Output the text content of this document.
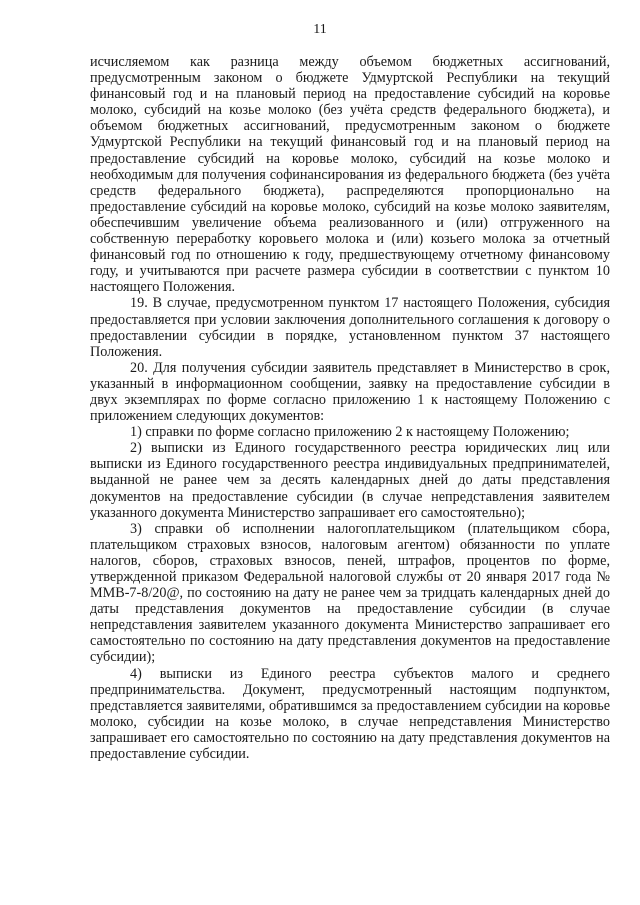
11

исчисляемом как разница между объемом бюджетных ассигнований, предусмотренным законом о бюджете Удмуртской Республики на текущий финансовый год и на плановый период на предоставление субсидий на коровье молоко, субсидий на козье молоко (без учёта средств федерального бюджета), и объемом бюджетных ассигнований, предусмотренным законом о бюджете Удмуртской Республики на текущий финансовый год и на плановый период на предоставление субсидий на коровье молоко, субсидий на козье молоко и необходимым для получения софинансирования из федерального бюджета (без учёта средств федерального бюджета), распределяются пропорционально на предоставление субсидий на коровье молоко, субсидий на козье молоко заявителям, обеспечившим увеличение объема реализованного и (или) отгруженного на собственную переработку коровьего молока и (или) козьего молока за отчетный финансовый год по отношению к году, предшествующему отчетному финансовому году, и учитываются при расчете размера субсидии в соответствии с пунктом 10 настоящего Положения.

19. В случае, предусмотренном пунктом 17 настоящего Положения, субсидия предоставляется при условии заключения дополнительного соглашения к договору о предоставлении субсидии в порядке, установленном пунктом 37 настоящего Положения.

20. Для получения субсидии заявитель представляет в Министерство в срок, указанный в информационном сообщении, заявку на предоставление субсидии в двух экземплярах по форме согласно приложению 1 к настоящему Положению с приложением следующих документов:

1) справки по форме согласно приложению 2 к настоящему Положению;

2) выписки из Единого государственного реестра юридических лиц или выписки из Единого государственного реестра индивидуальных предпринимателей, выданной не ранее чем за десять календарных дней до даты представления документов на предоставление субсидии (в случае непредставления заявителем указанного документа Министерство запрашивает его самостоятельно);

3) справки об исполнении налогоплательщиком (плательщиком сбора, плательщиком страховых взносов, налоговым агентом) обязанности по уплате налогов, сборов, страховых взносов, пеней, штрафов, процентов по форме, утвержденной приказом Федеральной налоговой службы от 20 января 2017 года № ММВ-7-8/20@, по состоянию на дату не ранее чем за тридцать календарных дней до даты представления документов на предоставление субсидии (в случае непредставления заявителем указанного документа Министерство запрашивает его самостоятельно по состоянию на дату представления документов на предоставление субсидии);

4) выписки из Единого реестра субъектов малого и среднего предпринимательства. Документ, предусмотренный настоящим подпунктом, представляется заявителями, обратившимся за предоставлением субсидии на коровье молоко, субсидии на козье молоко, в случае непредставления Министерство запрашивает его самостоятельно по состоянию на дату представления документов на предоставление субсидии.
